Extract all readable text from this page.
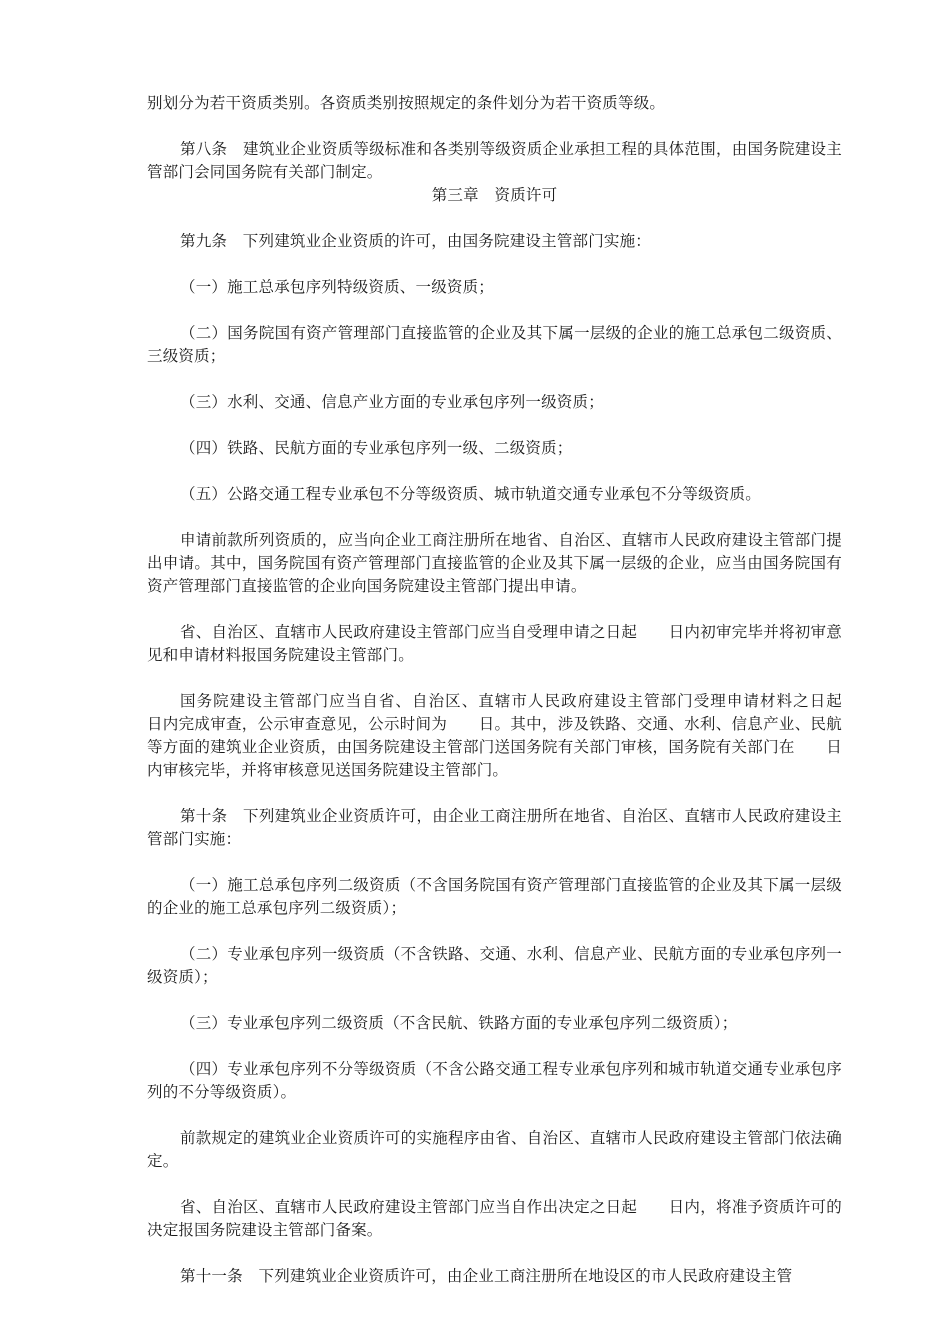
别划分为若干资质类别。各资质类别按照规定的条件划分为若干资质等级。

第八条　建筑业企业资质等级标准和各类别等级资质企业承担工程的具体范围，由国务院建设主管部门会同国务院有关部门制定。

第三章　资质许可

第九条　下列建筑业企业资质的许可，由国务院建设主管部门实施：

（一）施工总承包序列特级资质、一级资质；

（二）国务院国有资产管理部门直接监管的企业及其下属一层级的企业的施工总承包二级资质、三级资质；

（三）水利、交通、信息产业方面的专业承包序列一级资质；

（四）铁路、民航方面的专业承包序列一级、二级资质；

（五）公路交通工程专业承包不分等级资质、城市轨道交通专业承包不分等级资质。

申请前款所列资质的，应当向企业工商注册所在地省、自治区、直辖市人民政府建设主管部门提出申请。其中，国务院国有资产管理部门直接监管的企业及其下属一层级的企业，应当由国务院国有资产管理部门直接监管的企业向国务院建设主管部门提出申请。

省、自治区、直辖市人民政府建设主管部门应当自受理申请之日起　　日内初审完毕并将初审意见和申请材料报国务院建设主管部门。

国务院建设主管部门应当自省、自治区、直辖市人民政府建设主管部门受理申请材料之日起　　日内完成审查，公示审查意见，公示时间为　　日。其中，涉及铁路、交通、水利、信息产业、民航等方面的建筑业企业资质，由国务院建设主管部门送国务院有关部门审核，国务院有关部门在　　日内审核完毕，并将审核意见送国务院建设主管部门。

第十条　下列建筑业企业资质许可，由企业工商注册所在地省、自治区、直辖市人民政府建设主管部门实施：

（一）施工总承包序列二级资质（不含国务院国有资产管理部门直接监管的企业及其下属一层级的企业的施工总承包序列二级资质）；

（二）专业承包序列一级资质（不含铁路、交通、水利、信息产业、民航方面的专业承包序列一级资质）；

（三）专业承包序列二级资质（不含民航、铁路方面的专业承包序列二级资质）；

（四）专业承包序列不分等级资质（不含公路交通工程专业承包序列和城市轨道交通专业承包序列的不分等级资质）。

前款规定的建筑业企业资质许可的实施程序由省、自治区、直辖市人民政府建设主管部门依法确定。

省、自治区、直辖市人民政府建设主管部门应当自作出决定之日起　　日内，将准予资质许可的决定报国务院建设主管部门备案。

第十一条　下列建筑业企业资质许可，由企业工商注册所在地设区的市人民政府建设主管
